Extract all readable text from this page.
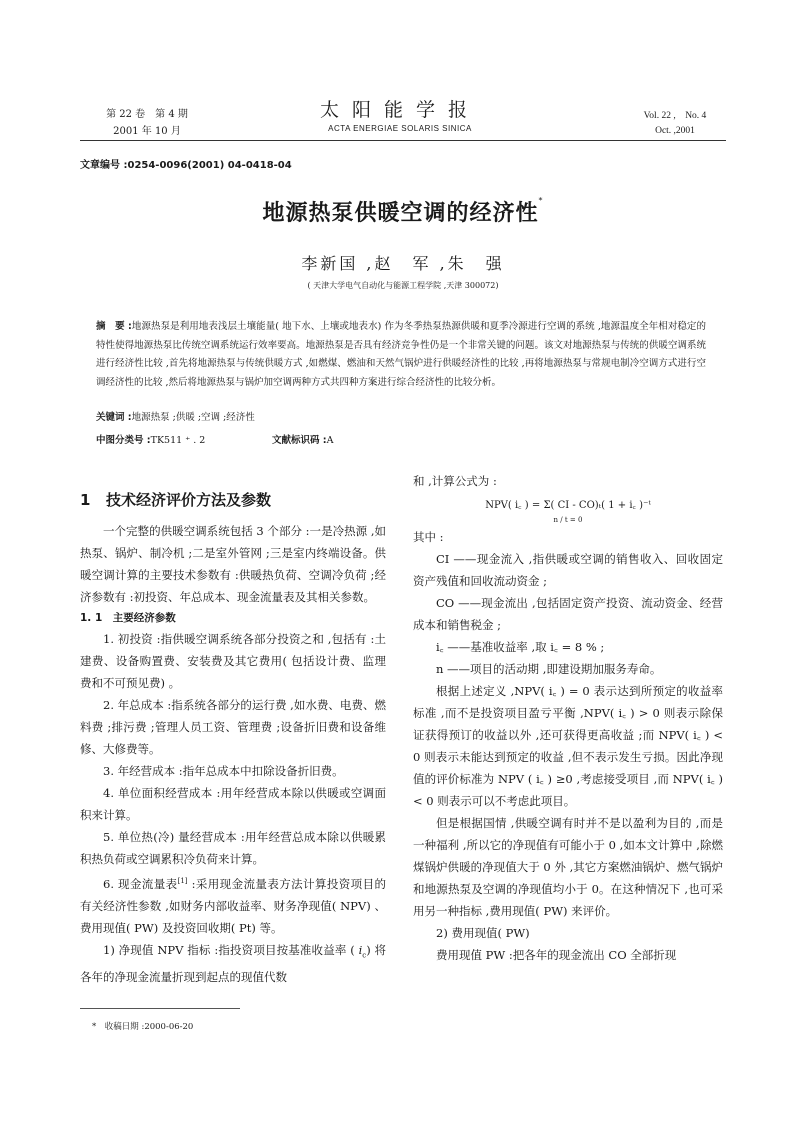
第 22 卷　第 4 期
2001 年 10 月
太阳能学报
ACTA ENERGIAE SOLARIS SINICA
Vol. 22 ,　No. 4
Oct. ,2001
文章编号 :0254-0096(2001) 04-0418-04
地源热泵供暖空调的经济性*
李新国 ,赵　军 ,朱　强
( 天津大学电气自动化与能源工程学院 ,天津 300072)
摘　要 :地源热泵是利用地表浅层土壤能量( 地下水、上壤或地表水) 作为冬季热泵热源供暖和夏季冷源进行空调的系统 ,地源温度全年相对稳定的特性使得地源热泵比传统空调系统运行效率要高。地源热泵是否具有经济竞争性仍是一个非常关键的问题。该文对地源热泵与传统的供暖空调系统进行经济性比较 ,首先将地源热泵与传统供暖方式 ,如燃煤、燃油和天然气锅炉进行供暖经济性的比较 ,再将地源热泵与常规电制冷空调方式进行空调经济性的比较 ,然后将地源热泵与锅炉加空调两种方式共四种方案进行综合经济性的比较分析。
关键词 :地源热泵 ;供暖 ;空调 ;经济性
中图分类号 :TK511 ⁺ . 2	文献标识码 :A
1 技术经济评价方法及参数

一个完整的供暖空调系统包括 3 个部分 :一是冷热源 ,如热泵、锅炉、制冷机 ;二是室外管网 ;三是室内终端设备。供暖空调计算的主要技术参数有 :供暖热负荷、空调冷负荷 ;经济参数有 :初投资、年总成本、现金流量表及其相关参数。

1. 1　 主要经济参数

1. 初投资 :指供暖空调系统各部分投资之和 ,包括有 :土建费、设备购置费、安装费及其它费用( 包括设计费、监理费和不可预见费) 。

2. 年总成本 :指系统各部分的运行费 ,如水费、电费、燃料费 ;排污费 ;管理人员工资、管理费 ;设备折旧费和设备维修、大修费等。

3. 年经营成本 :指年总成本中扣除设备折旧费。

4. 单位面积经营成本 :用年经营成本除以供暖或空调面积来计算。

5. 单位热(冷) 量经营成本 :用年经营总成本除以供暖累积热负荷或空调累积冷负荷来计算。

6. 现金流量表[1] :采用现金流量表方法计算投资项目的有关经济性参数 ,如财务内部收益率、财务净现值( NPV) 、费用现值( PW) 及投资回收期( Pt) 等。

1) 净现值 NPV 指标 :指投资项目按基准收益率 ( $i_c$) 将各年的净现金流量折现到起点的现值代数

和 ,计算公式为 :

NPV( i꜀ ) = Σ( CI - CO)ₜ( 1 + i꜀ )⁻ᵗ
n / t = 0

其中 :

CI ——现金流入 ,指供暖或空调的销售收入、回收固定资产残值和回收流动资金 ;

CO ——现金流出 ,包括固定资产投资、流动资金、经营成本和销售税金 ;

i꜀ ——基准收益率 ,取 i꜀ = 8 % ;

n ——项目的活动期 ,即建设期加服务寿命。

根据上述定义 ,NPV( i꜀ ) = 0 表示达到所预定的收益率标准 ,而不是投资项目盈亏平衡 ,NPV( i꜀ ) > 0 则表示除保证获得预订的收益以外 ,还可获得更高收益 ;而 NPV( i꜀ ) < 0 则表示未能达到预定的收益 ,但不表示发生亏损。因此净现值的评价标准为 NPV ( i꜀ ) ≥0 ,考虑接受项目 ,而 NPV( i꜀ ) < 0 则表示可以不考虑此项目。

但是根据国情 ,供暖空调有时并不是以盈利为目的 ,而是一种福利 ,所以它的净现值有可能小于 0 ,如本文计算中 ,除燃煤锅炉供暖的净现值大于 0 外 ,其它方案燃油锅炉、燃气锅炉和地源热泵及空调的净现值均小于 0。在这种情况下 ,也可采用另一种指标 ,费用现值( PW) 来评价。

2) 费用现值( PW)

费用现值 PW :把各年的现金流出 CO 全部折现

*　收稿日期 :2000-06-20
